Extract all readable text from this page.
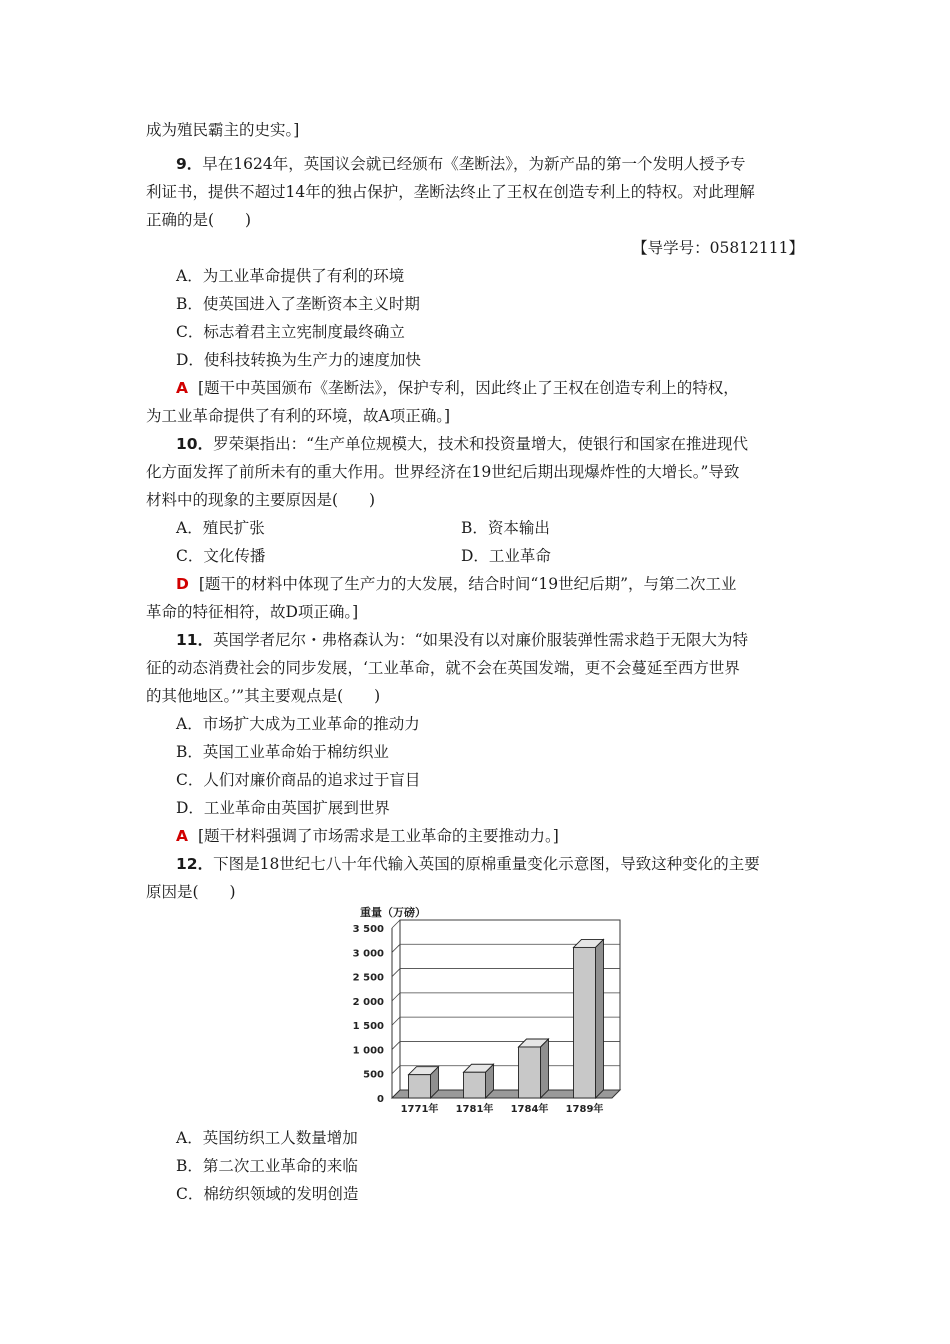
成为殖民霸主的史实。]
9．早在1624年，英国议会就已经颁布《垄断法》，为新产品的第一个发明人授予专
利证书，提供不超过14年的独占保护，垄断法终止了王权在创造专利上的特权。对此理解
正确的是(　　)
【导学号：05812111】
A．为工业革命提供了有利的环境
B．使英国进入了垄断资本主义时期
C．标志着君主立宪制度最终确立
D．使科技转换为生产力的速度加快
A [题干中英国颁布《垄断法》，保护专利，因此终止了王权在创造专利上的特权，
为工业革命提供了有利的环境，故A项正确。]
10．罗荣渠指出：“生产单位规模大，技术和投资量增大，使银行和国家在推进现代
化方面发挥了前所未有的重大作用。世界经济在19世纪后期出现爆炸性的大增长。”导致
材料中的现象的主要原因是(　　)
A．殖民扩张	B．资本输出
C．文化传播	D．工业革命
D [题干的材料中体现了生产力的大发展，结合时间“19世纪后期”，与第二次工业
革命的特征相符，故D项正确。]
11．英国学者尼尔・弗格森认为：“如果没有以对廉价服装弹性需求趋于无限大为特
征的动态消费社会的同步发展，‘工业革命，就不会在英国发端，更不会蔓延至西方世界
的其他地区。’”其主要观点是(　　)
A．市场扩大成为工业革命的推动力
B．英国工业革命始于棉纺织业
C．人们对廉价商品的追求过于盲目
D．工业革命由英国扩展到世界
A [题干材料强调了市场需求是工业革命的主要推动力。]
12．下图是18世纪七八十年代输入英国的原棉重量变化示意图，导致这种变化的主要
原因是(　　)
0
500
1 000
1 500
2 000
2 500
3 000
3 500
1771年 1781年 1784年 1789年
重量（万磅）
A．英国纺织工人数量增加
B．第二次工业革命的来临
C．棉纺织领域的发明创造
